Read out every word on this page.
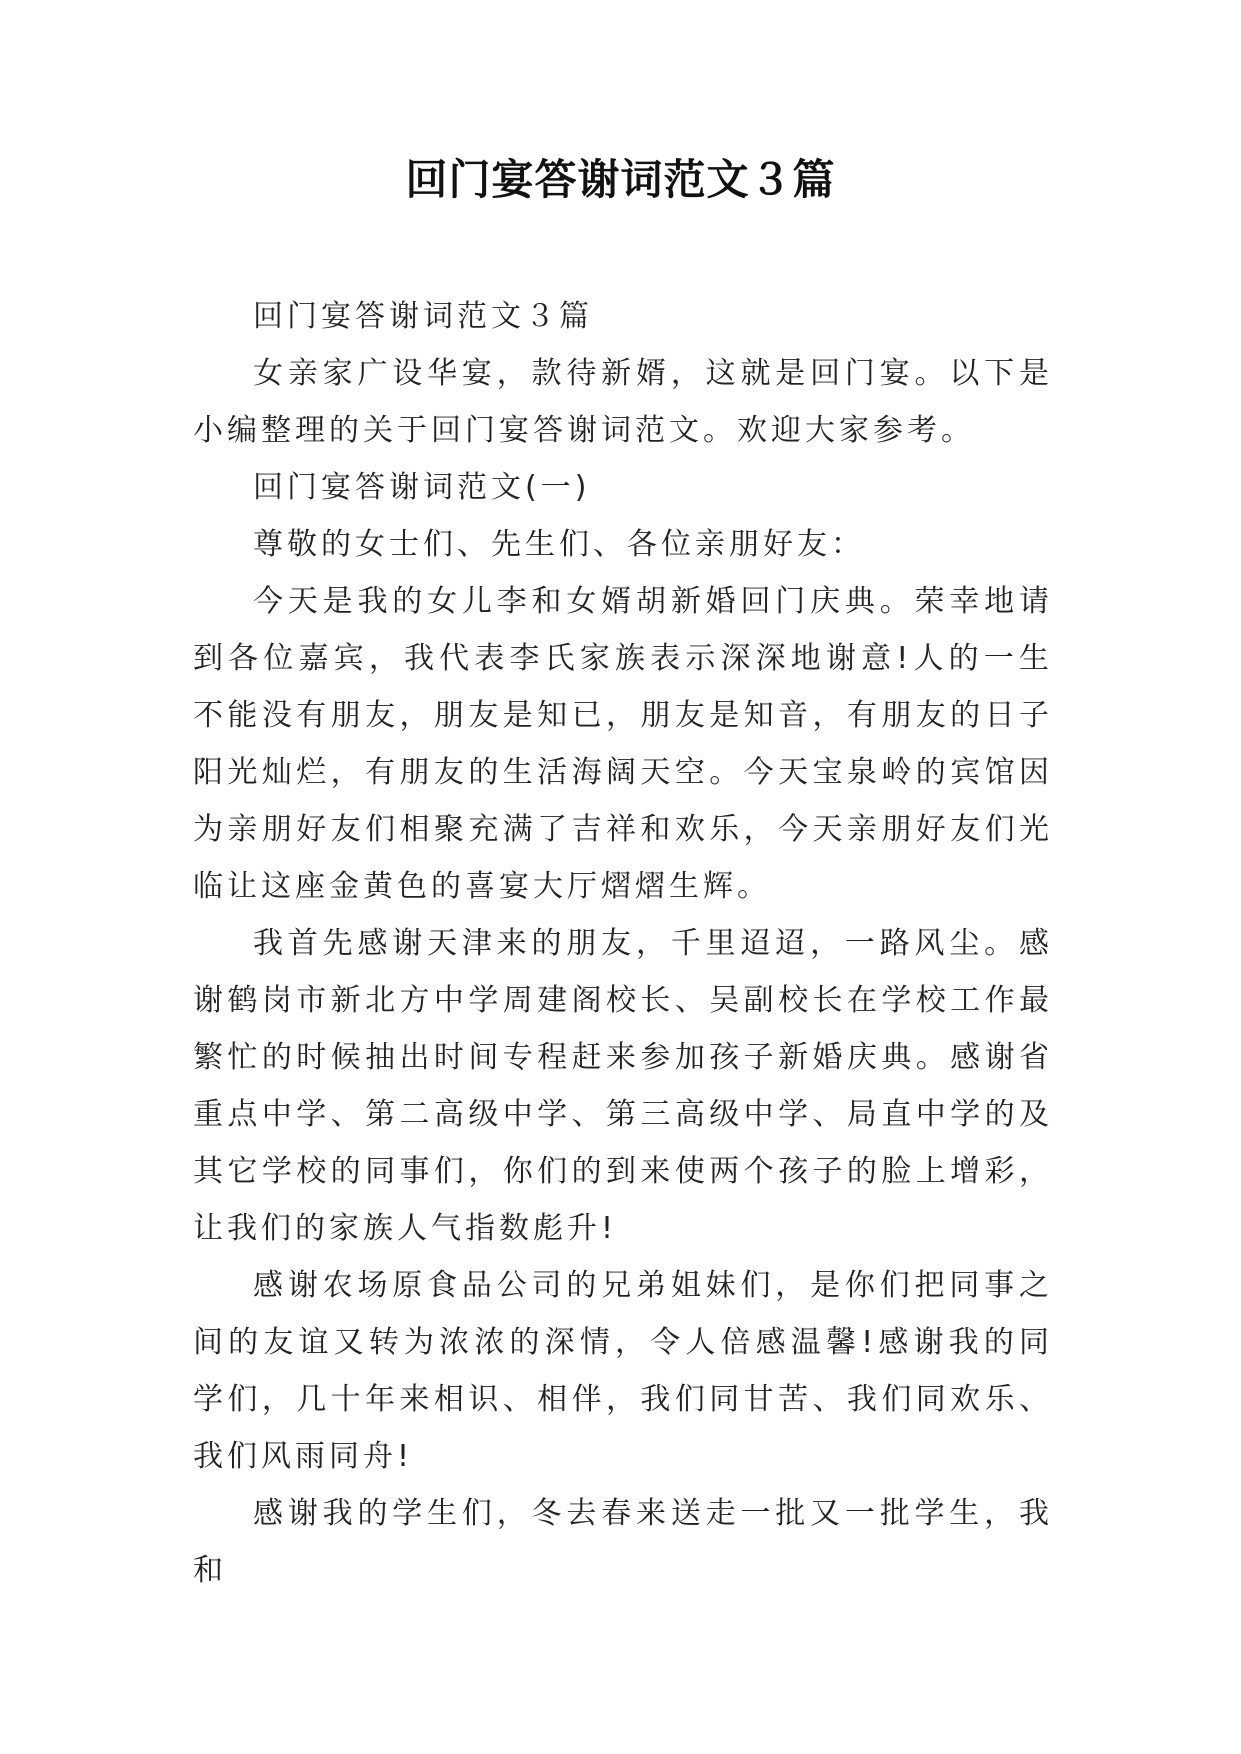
回门宴答谢词范文３篇

回门宴答谢词范文３篇

女亲家广设华宴，款待新婿，这就是回门宴。以下是小编整理的关于回门宴答谢词范文。欢迎大家参考。

回门宴答谢词范文(一)

尊敬的女士们、先生们、各位亲朋好友：

今天是我的女儿李和女婿胡新婚回门庆典。荣幸地请到各位嘉宾，我代表李氏家族表示深深地谢意!人的一生不能没有朋友，朋友是知已，朋友是知音，有朋友的日子阳光灿烂，有朋友的生活海阔天空。今天宝泉岭的宾馆因为亲朋好友们相聚充满了吉祥和欢乐，今天亲朋好友们光临让这座金黄色的喜宴大厅熠熠生辉。

我首先感谢天津来的朋友，千里迢迢，一路风尘。感谢鹤岗市新北方中学周建阁校长、吴副校长在学校工作最繁忙的时候抽出时间专程赶来参加孩子新婚庆典。感谢省重点中学、第二高级中学、第三高级中学、局直中学的及其它学校的同事们，你们的到来使两个孩子的脸上增彩，让我们的家族人气指数彪升!

感谢农场原食品公司的兄弟姐妹们，是你们把同事之间的友谊又转为浓浓的深情，令人倍感温馨!感谢我的同学们，几十年来相识、相伴，我们同甘苦、我们同欢乐、我们风雨同舟!

感谢我的学生们，冬去春来送走一批又一批学生，我和
